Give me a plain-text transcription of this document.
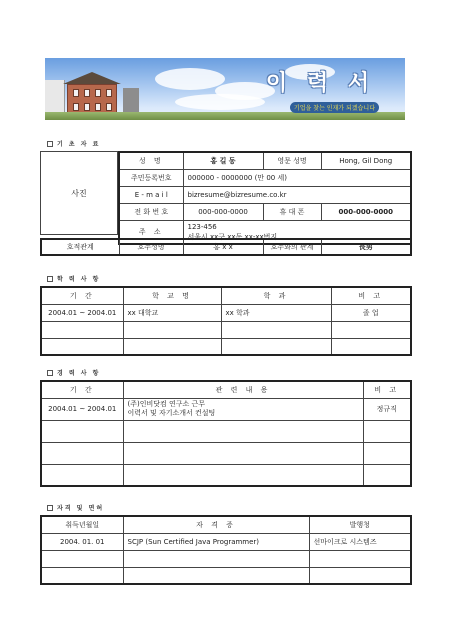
이 력 서
기업을 찾는 인재가 되겠습니다
기 초 자 료
사진
성 명	홍 길 동	영문 성명	Hong, Gil Dong
주민등록번호	000000 - 0000000 (만 00 세)		
E - m a i l	bizresume@bizresume.co.kr		
전 화 번 호	000-000-0000	휴 대 폰	000-000-0000
주 소	123-456
서울시 xx구 xx동 xx-xx번지		
호적관계	호주성명	홍 x x	호주와의 관계	長男
학 력 사 항
기 간	학 교 명	학 과	비 고
2004.01 ~ 2004.01	xx 대학교	xx 학과	졸 업

경 력 사 항
기 간	관 련 내 용	비 고
2004.01 ~ 2004.01	(주)인비닷컴 연구소 근무
이력서 및 자기소개서 컨설팅	정규직

자격 및 면허
취득년월일	자 격 증	발행청
2004. 01. 01	SCJP (Sun Certified Java Programmer)	선마이크로 시스템즈
